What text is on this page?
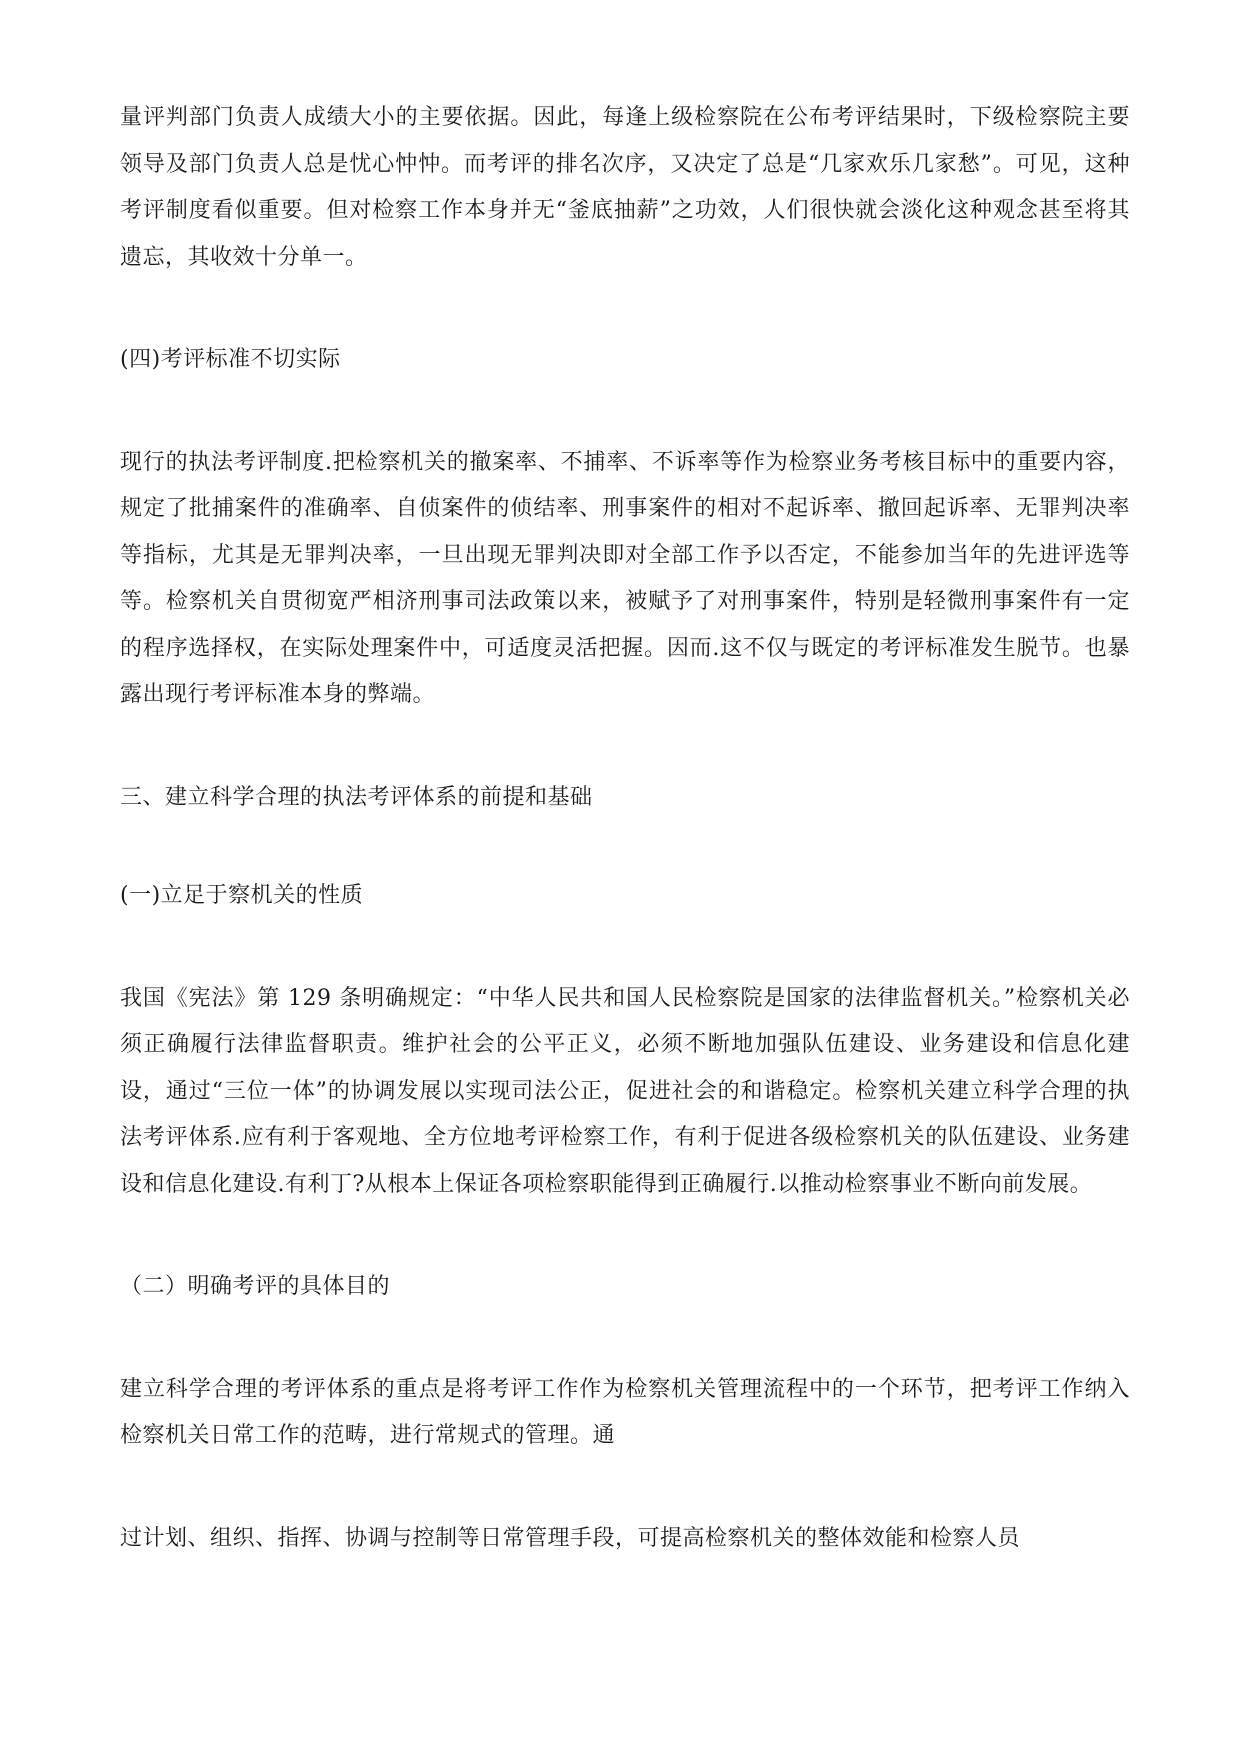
量评判部门负责人成绩大小的主要依据。因此，每逢上级检察院在公布考评结果时，下级检察院主要领导及部门负责人总是忧心忡忡。而考评的排名次序，又决定了总是“几家欢乐几家愁”。可见，这种考评制度看似重要。但对检察工作本身并无“釜底抽薪”之功效，人们很快就会淡化这种观念甚至将其遗忘，其收效十分单一。

(四)考评标准不切实际

现行的执法考评制度.把检察机关的撤案率、不捕率、不诉率等作为检察业务考核目标中的重要内容，规定了批捕案件的准确率、自侦案件的侦结率、刑事案件的相对不起诉率、撤回起诉率、无罪判决率等指标，尤其是无罪判决率，一旦出现无罪判决即对全部工作予以否定，不能参加当年的先进评选等等。检察机关自贯彻宽严相济刑事司法政策以来，被赋予了对刑事案件，特别是轻微刑事案件有一定的程序选择权，在实际处理案件中，可适度灵活把握。因而.这不仅与既定的考评标准发生脱节。也暴露出现行考评标准本身的弊端。

三、建立科学合理的执法考评体系的前提和基础

(一)立足于察机关的性质

我国《宪法》第 129 条明确规定：“中华人民共和国人民检察院是国家的法律监督机关。”检察机关必须正确履行法律监督职责。维护社会的公平正义，必须不断地加强队伍建设、业务建设和信息化建设，通过“三位一体”的协调发展以实现司法公正，促进社会的和谐稳定。检察机关建立科学合理的执法考评体系.应有利于客观地、全方位地考评检察工作，有利于促进各级检察机关的队伍建设、业务建设和信息化建设.有利丁?从根本上保证各项检察职能得到正确履行.以推动检察事业不断向前发展。

（二）明确考评的具体目的

建立科学合理的考评体系的重点是将考评工作作为检察机关管理流程中的一个环节，把考评工作纳入检察机关日常工作的范畴，进行常规式的管理。通

过计划、组织、指挥、协调与控制等日常管理手段，可提高检察机关的整体效能和检察人员
